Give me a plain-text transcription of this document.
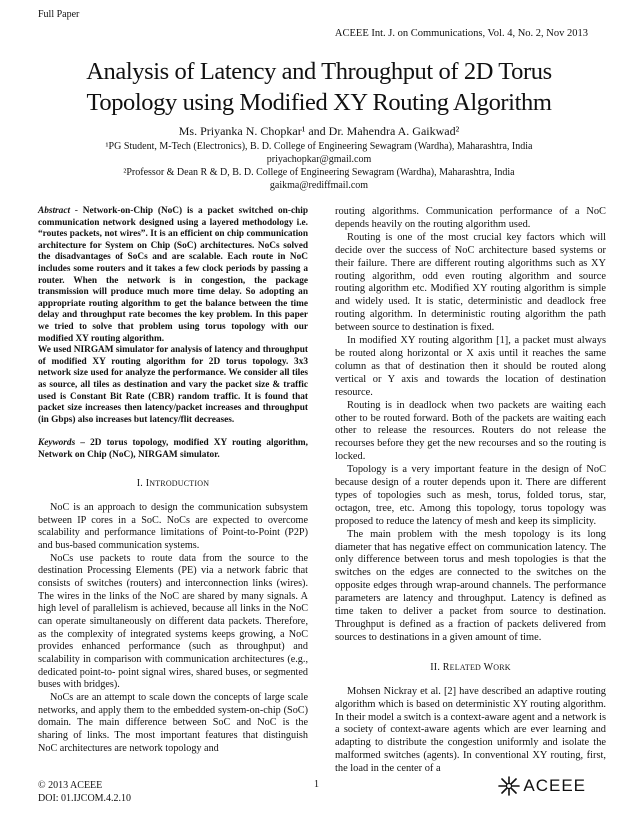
Full Paper
ACEEE Int. J. on Communications, Vol. 4, No. 2, Nov 2013
Analysis of Latency and Throughput of 2D Torus
Topology using Modified XY Routing Algorithm
Ms. Priyanka N. Chopkar¹ and Dr. Mahendra A. Gaikwad²
¹PG Student, M-Tech (Electronics), B. D. College of Engineering Sewagram (Wardha), Maharashtra, India
priyachopkar@gmail.com
²Professor & Dean R & D, B. D. College of Engineering Sewagram (Wardha), Maharashtra, India
gaikma@rediffmail.com

Abstract - Network-on-Chip (NoC) is a packet switched on-chip communication network designed using a layered methodology i.e. “routes packets, not wires”. It is an efficient on chip communication architecture for System on Chip (SoC) architectures. NoCs solved the disadvantages of SoCs and are scalable. Each route in NoC includes some routers and it takes a few clock periods by passing a router. When the network is in congestion, the package transmission will produce much more time delay. So adopting an appropriate routing algorithm to get the balance between the time delay and throughput rate becomes the key problem. In this paper we tried to solve that problem using torus topology with our modified XY routing algorithm.

We used NIRGAM simulator for analysis of latency and throughput of modified XY routing algorithm for 2D torus topology. 3x3 network size used for analyze the performance. We consider all tiles as source, all tiles as destination and vary the packet size & traffic used is Constant Bit Rate (CBR) random traffic. It is found that packet size increases then latency/packet increases and throughput (in Gbps) also increases but latency/flit decreases.

Keywords – 2D torus topology, modified XY routing algorithm, Network on Chip (NoC), NIRGAM simulator.
I. INTRODUCTION

NoC is an approach to design the communication subsystem between IP cores in a SoC. NoCs are expected to overcome scalability and performance limitations of Point-to-Point (P2P) and bus-based communication systems.

NoCs use packets to route data from the source to the destination Processing Elements (PE) via a network fabric that consists of switches (routers) and interconnection links (wires). The wires in the links of the NoC are shared by many signals. A high level of parallelism is achieved, because all links in the NoC can operate simultaneously on different data packets. Therefore, as the complexity of integrated systems keeps growing, a NoC provides enhanced performance (such as throughput) and scalability in comparison with communication architectures (e.g., dedicated point-to- point signal wires, shared buses, or segmented buses with bridges).

NoCs are an attempt to scale down the concepts of large scale networks, and apply them to the embedded system-on-chip (SoC) domain. The main difference between SoC and NoC is the sharing of links. The most important features that distinguish NoC architectures are network topology and

routing algorithms. Communication performance of a NoC depends heavily on the routing algorithm used.

Routing is one of the most crucial key factors which will decide over the success of NoC architecture based systems or their failure. There are different routing algorithms such as XY routing algorithm, odd even routing algorithm and source routing algorithm etc. Modified XY routing algorithm is simple and widely used. It is static, deterministic and deadlock free routing algorithm. In deterministic routing algorithm the path between source to destination is fixed.

In modified XY routing algorithm [1], a packet must always be routed along horizontal or X axis until it reaches the same column as that of destination then it should be routed along vertical or Y axis and towards the location of destination resource.

Routing is in deadlock when two packets are waiting each other to be routed forward. Both of the packets are waiting each other to release the resources. Routers do not release the recourses before they get the new recourses and so the routing is locked.

Topology is a very important feature in the design of NoC because design of a router depends upon it. There are different types of topologies such as mesh, torus, folded torus, star, octagon, tree, etc. Among this topology, torus topology was proposed to reduce the latency of mesh and keep its simplicity.

The main problem with the mesh topology is its long diameter that has negative effect on communication latency. The only difference between torus and mesh topologies is that the switches on the edges are connected to the switches on the opposite edges through wrap-around channels. The performance parameters are latency and throughput. Latency is defined as time taken to deliver a packet from source to destination. Throughput is defined as a fraction of packets delivered from sources to destinations in a given amount of time.

II. RELATED WORK

Mohsen Nickray et al. [2] have described an adaptive routing algorithm which is based on deterministic XY routing algorithm. In their model a switch is a context-aware agent and a network is a society of context-aware agents which are ever learning and adapting to distribute the congestion uniformly and isolate the malformed switches (agents). In conventional XY routing, first, the load in the center of a

© 2013 ACEEE
DOI: 01.IJCOM.4.2.10
1	ACEEE
